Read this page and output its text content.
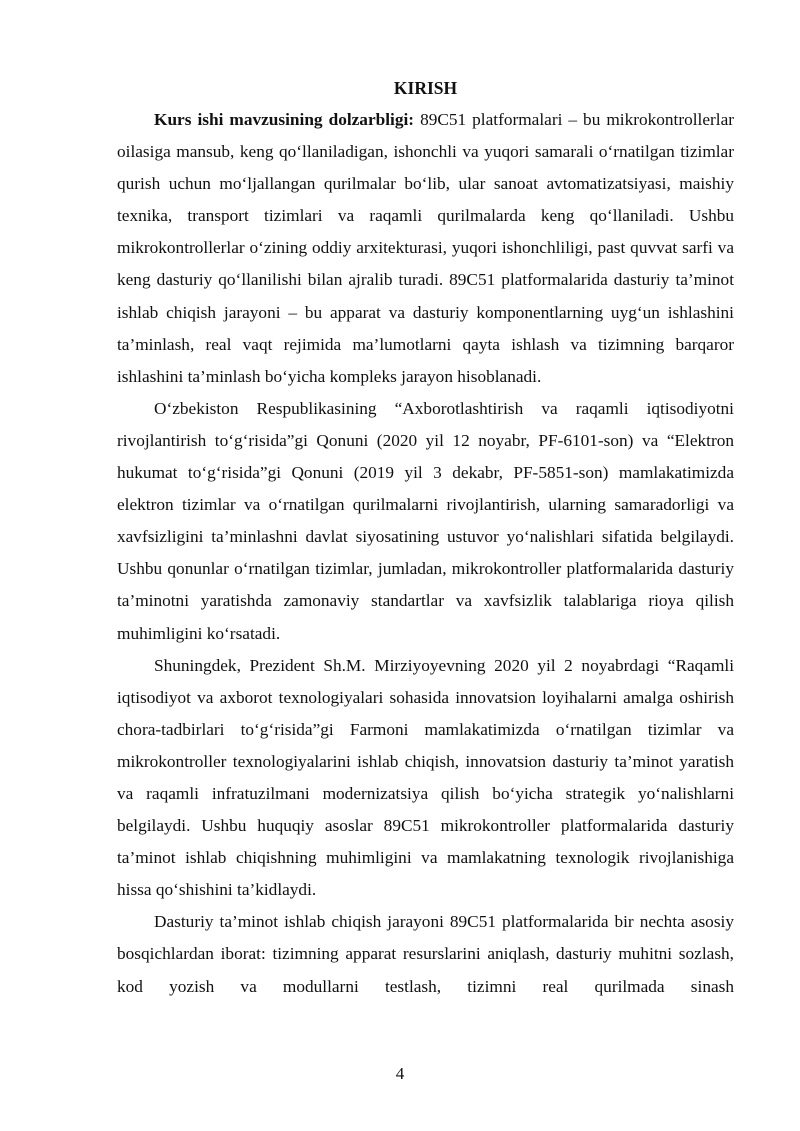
KIRISH

Kurs ishi mavzusining dolzarbligi: 89C51 platformalari – bu mikrokontrollerlar oilasiga mansub, keng qo‘llaniladigan, ishonchli va yuqori samarali o‘rnatilgan tizimlar qurish uchun mo‘ljallangan qurilmalar bo‘lib, ular sanoat avtomatizatsiyasi, maishiy texnika, transport tizimlari va raqamli qurilmalarda keng qo‘llaniladi. Ushbu mikrokontrollerlar o‘zining oddiy arxitekturasi, yuqori ishonchliligi, past quvvat sarfi va keng dasturiy qo‘llanilishi bilan ajralib turadi. 89C51 platformalarida dasturiy ta’minot ishlab chiqish jarayoni – bu apparat va dasturiy komponentlarning uyg‘un ishlashini ta’minlash, real vaqt rejimida ma’lumotlarni qayta ishlash va tizimning barqaror ishlashini ta’minlash bo‘yicha kompleks jarayon hisoblanadi.

O‘zbekiston Respublikasining “Axborotlashtirish va raqamli iqtisodiyotni rivojlantirish to‘g‘risida”gi Qonuni (2020 yil 12 noyabr, PF-6101-son) va “Elektron hukumat to‘g‘risida”gi Qonuni (2019 yil 3 dekabr, PF-5851-son) mamlakatimizda elektron tizimlar va o‘rnatilgan qurilmalarni rivojlantirish, ularning samaradorligi va xavfsizligini ta’minlashni davlat siyosatining ustuvor yo‘nalishlari sifatida belgilaydi. Ushbu qonunlar o‘rnatilgan tizimlar, jumladan, mikrokontroller platformalarida dasturiy ta’minotni yaratishda zamonaviy standartlar va xavfsizlik talablariga rioya qilish muhimligini ko‘rsatadi.

Shuningdek, Prezident Sh.M. Mirziyoyevning 2020 yil 2 noyabrdagi “Raqamli iqtisodiyot va axborot texnologiyalari sohasida innovatsion loyihalarni amalga oshirish chora-tadbirlari to‘g‘risida”gi Farmoni mamlakatimizda o‘rnatilgan tizimlar va mikrokontroller texnologiyalarini ishlab chiqish, innovatsion dasturiy ta’minot yaratish va raqamli infratuzilmani modernizatsiya qilish bo‘yicha strategik yo‘nalishlarni belgilaydi. Ushbu huquqiy asoslar 89C51 mikrokontroller platformalarida dasturiy ta’minot ishlab chiqishning muhimligini va mamlakatning texnologik rivojlanishiga hissa qo‘shishini ta’kidlaydi.

Dasturiy ta’minot ishlab chiqish jarayoni 89C51 platformalarida bir nechta asosiy bosqichlardan iborat: tizimning apparat resurslarini aniqlash, dasturiy muhitni sozlash, kod yozish va modullarni testlash, tizimni real qurilmada sinash

4
